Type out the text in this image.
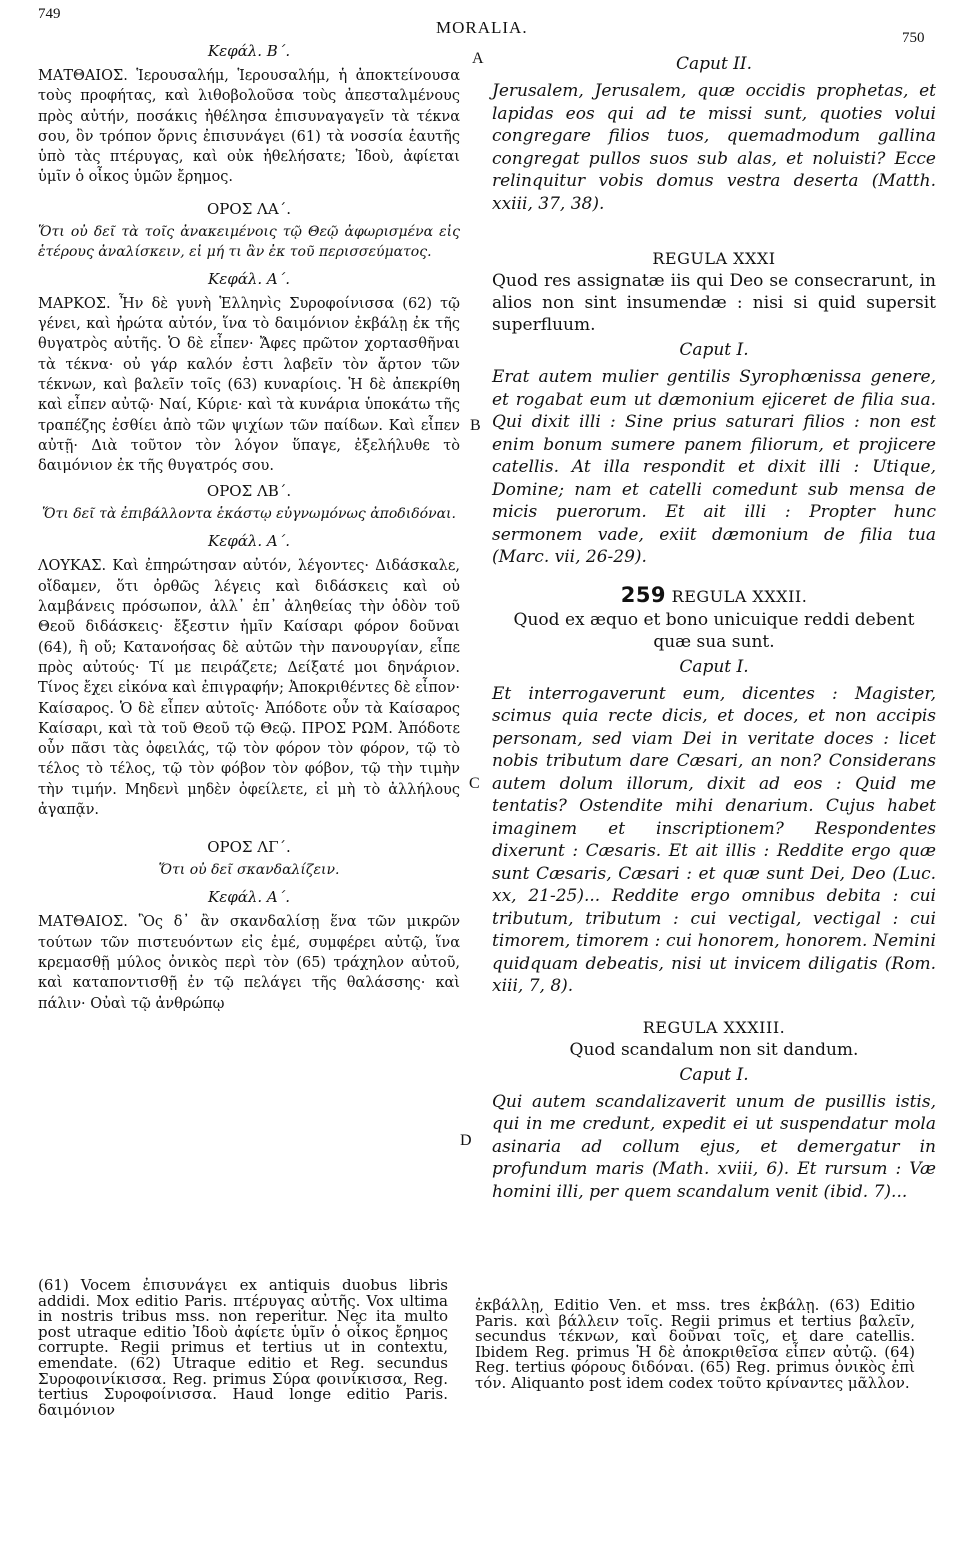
749
MORALIA.
750
A
B
C
D
Κεφάλ. Β΄.

ΜΑΤΘΑΙΟΣ. Ἱερουσαλήμ, Ἱερουσαλήμ, ἡ ἀποκτείνουσα τοὺς προφήτας, καὶ λιθοβολοῦσα τοὺς ἀπεσταλμένους πρὸς αὐτήν, ποσάκις ἠθέλησα ἐπισυναγαγεῖν τὰ τέκνα σου, ὃν τρόπον ὄρνις ἐπισυνάγει (61) τὰ νοσσία ἑαυτῆς ὑπὸ τὰς πτέρυγας, καὶ οὐκ ἠθελήσατε; Ἰδοὺ, ἀφίεται ὑμῖν ὁ οἶκος ὑμῶν ἔρημος.

ΟΡΟΣ ΛΑ΄.
Ὅτι οὐ δεῖ τὰ τοῖς ἀνακειμένοις τῷ Θεῷ ἀφωρισμένα εἰς ἑτέρους ἀναλίσκειν, εἰ μή τι ἂν ἐκ τοῦ περισσεύματος.
Κεφάλ. Α΄.

ΜΑΡΚΟΣ. Ἦν δὲ γυνὴ Ἑλληνὶς Συροφοίνισσα (62) τῷ γένει, καὶ ἠρώτα αὐτόν, ἵνα τὸ δαιμόνιον ἐκβάλῃ ἐκ τῆς θυγατρὸς αὐτῆς. Ὁ δὲ εἶπεν· Ἄφες πρῶτον χορτασθῆναι τὰ τέκνα· οὐ γάρ καλόν ἐστι λαβεῖν τὸν ἄρτον τῶν τέκνων, καὶ βαλεῖν τοῖς (63) κυναρίοις. Ἡ δὲ ἀπεκρίθη καὶ εἶπεν αὐτῷ· Ναί, Κύριε· καὶ τὰ κυνάρια ὑποκάτω τῆς τραπέζης ἐσθίει ἀπὸ τῶν ψιχίων τῶν παίδων. Καὶ εἶπεν αὐτῇ· Διὰ τοῦτον τὸν λόγον ὕπαγε, ἐξελήλυθε τὸ δαιμόνιον ἐκ τῆς θυγατρός σου.

ΟΡΟΣ ΛΒ΄.
Ὅτι δεῖ τὰ ἐπιβάλλοντα ἑκάστῳ εὐγνωμόνως ἀποδιδόναι.
Κεφάλ. Α΄.

ΛΟΥΚΑΣ. Καὶ ἐπηρώτησαν αὐτόν, λέγοντες· Διδάσκαλε, οἴδαμεν, ὅτι ὀρθῶς λέγεις καὶ διδάσκεις καὶ οὐ λαμβάνεις πρόσωπον, ἀλλ᾽ ἐπ᾽ ἀληθείας τὴν ὁδὸν τοῦ Θεοῦ διδάσκεις· ἔξεστιν ἡμῖν Καίσαρι φόρον δοῦναι (64), ἢ οὔ; Κατανοήσας δὲ αὐτῶν τὴν πανουργίαν, εἶπε πρὸς αὐτούς· Τί με πειράζετε; Δείξατέ μοι δηνάριον. Τίνος ἔχει εἰκόνα καὶ ἐπιγραφήν; Ἀποκριθέντες δὲ εἶπον· Καίσαρος. Ὁ δὲ εἶπεν αὐτοῖς· Ἀπόδοτε οὖν τὰ Καίσαρος Καίσαρι, καὶ τὰ τοῦ Θεοῦ τῷ Θεῷ. ΠΡΟΣ ΡΩΜ. Ἀπόδοτε οὖν πᾶσι τὰς ὀφειλάς, τῷ τὸν φόρον τὸν φόρον, τῷ τὸ τέλος τὸ τέλος, τῷ τὸν φόβον τὸν φόβον, τῷ τὴν τιμὴν τὴν τιμήν. Μηδενὶ μηδὲν ὀφείλετε, εἰ μὴ τὸ ἀλλήλους ἀγαπᾷν.

ΟΡΟΣ ΛΓ΄.
Ὅτι οὐ δεῖ σκανδαλίζειν.
Κεφάλ. Α΄.

ΜΑΤΘΑΙΟΣ. Ὃς δ᾽ ἂν σκανδαλίσῃ ἕνα τῶν μικρῶν τούτων τῶν πιστευόντων εἰς ἐμέ, συμφέρει αὐτῷ, ἵνα κρεμασθῇ μύλος ὀνικὸς περὶ τὸν (65) τράχηλον αὐτοῦ, καὶ καταποντισθῇ ἐν τῷ πελάγει τῆς θαλάσσης· καὶ πάλιν· Οὐαὶ τῷ ἀνθρώπῳ

Caput II.

Jerusalem, Jerusalem, quæ occidis prophetas, et lapidas eos qui ad te missi sunt, quoties volui congregare filios tuos, quemadmodum gallina congregat pullos suos sub alas, et noluisti? Ecce relinquitur vobis domus vestra deserta (Matth. xxiii, 37, 38).

REGULA XXXI

Quod res assignatæ iis qui Deo se consecrarunt, in alios non sint insumendæ : nisi si quid supersit superfluum.

Caput I.

Erat autem mulier gentilis Syrophœnissa genere, et rogabat eum ut dæmonium ejiceret de filia sua. Qui dixit illi : Sine prius saturari filios : non est enim bonum sumere panem filiorum, et projicere catellis. At illa respondit et dixit illi : Utique, Domine; nam et catelli comedunt sub mensa de micis puerorum. Et ait illi : Propter hunc sermonem vade, exiit dæmonium de filia tua (Marc. vii, 26-29).

259 REGULA XXXII.

Quod ex æquo et bono unicuique reddi debent quæ sua sunt.

Caput I.

Et interrogaverunt eum, dicentes : Magister, scimus quia recte dicis, et doces, et non accipis personam, sed viam Dei in veritate doces : licet nobis tributum dare Cæsari, an non? Considerans autem dolum illorum, dixit ad eos : Quid me tentatis? Ostendite mihi denarium. Cujus habet imaginem et inscriptionem? Respondentes dixerunt : Cæsaris. Et ait illis : Reddite ergo quæ sunt Cæsaris, Cæsari : et quæ sunt Dei, Deo (Luc. xx, 21-25)... Reddite ergo omnibus debita : cui tributum, tributum : cui vectigal, vectigal : cui timorem, timorem : cui honorem, honorem. Nemini quidquam debeatis, nisi ut invicem diligatis (Rom. xiii, 7, 8).

REGULA XXXIII.

Quod scandalum non sit dandum.

Caput I.

Qui autem scandalizaverit unum de pusillis istis, qui in me credunt, expedit ei ut suspendatur mola asinaria ad collum ejus, et demergatur in profundum maris (Math. xviii, 6). Et rursum : Væ homini illi, per quem scandalum venit (ibid. 7)...

(61) Vocem ἐπισυνάγει ex antiquis duobus libris addidi. Mox editio Paris. πτέρυγας αὐτῆς. Vox ultima in nostris tribus mss. non reperitur. Nec ita multo post utraque editio Ἰδοὺ ἀφίετε ὑμῖν ὁ οἶκος ἔρημος corrupte. Regii primus et tertius ut in contextu, emendate. (62) Utraque editio et Reg. secundus Συροφοινίκισσα. Reg. primus Σύρα φοινίκισσα, Reg. tertius Συροφοίνισσα. Haud longe editio Paris. δαιμόνιον
ἐκβάλλῃ, Editio Ven. et mss. tres ἐκβάλῃ. (63) Editio Paris. καὶ βάλλειν τοῖς. Regii primus et tertius βαλεῖν, secundus τέκνων, καὶ δοῦναι τοῖς, et dare catellis. Ibidem Reg. primus Ἡ δὲ ἀποκριθεῖσα εἶπεν αὐτῷ. (64) Reg. tertius φόρους διδόναι. (65) Reg. primus ὀνικὸς ἐπὶ τόν. Aliquanto post idem codex τοῦτο κρίναντες μᾶλλον.
